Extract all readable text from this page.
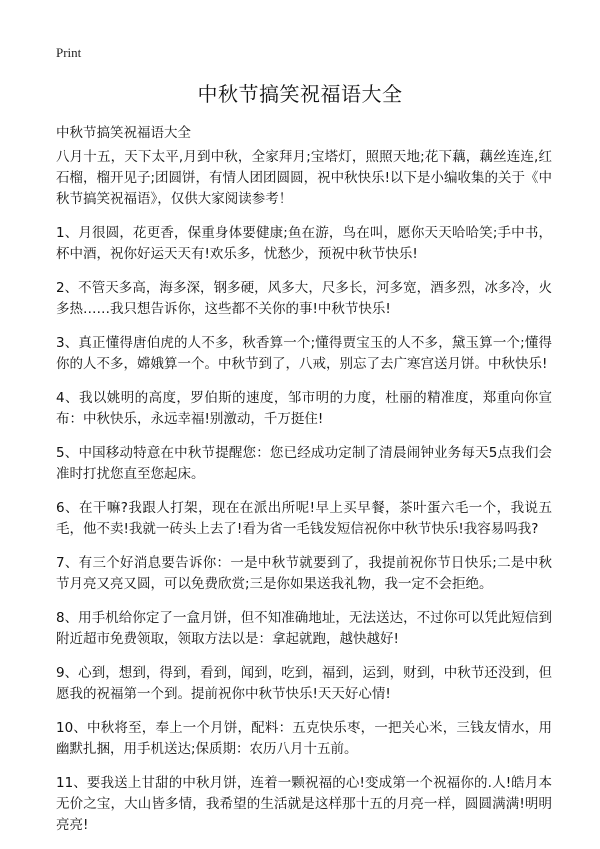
Print
中秋节搞笑祝福语大全

中秋节搞笑祝福语大全

八月十五，天下太平,月到中秋，全家拜月;宝塔灯，照照天地;花下藕，藕丝连连,红石榴，榴开见子;团圆饼，有情人团团圆圆，祝中秋快乐!以下是小编收集的关于《中秋节搞笑祝福语》，仅供大家阅读参考！

1、月很圆，花更香，保重身体要健康;鱼在游，鸟在叫，愿你天天哈哈笑;手中书，杯中酒，祝你好运天天有!欢乐多，忧愁少，预祝中秋节快乐!

2、不管天多高，海多深，钢多硬，风多大，尺多长，河多宽，酒多烈，冰多冷，火多热……我只想告诉你，这些都不关你的事!中秋节快乐!

3、真正懂得唐伯虎的人不多，秋香算一个;懂得贾宝玉的人不多，黛玉算一个;懂得你的人不多，嫦娥算一个。中秋节到了，八戒，别忘了去广寒宫送月饼。中秋快乐!

4、我以姚明的高度，罗伯斯的速度，邹市明的力度，杜丽的精准度，郑重向你宣布：中秋快乐，永远幸福!别激动，千万挺住!

5、中国移动特意在中秋节提醒您：您已经成功定制了清晨闹钟业务每天5点我们会准时打扰您直至您起床。

6、在干嘛?我跟人打架，现在在派出所呢!早上买早餐，茶叶蛋六毛一个，我说五毛，他不卖!我就一砖头上去了!看为省一毛钱发短信祝你中秋节快乐!我容易吗我?

7、有三个好消息要告诉你：一是中秋节就要到了，我提前祝你节日快乐;二是中秋节月亮又亮又圆，可以免费欣赏;三是你如果送我礼物，我一定不会拒绝。

8、用手机给你定了一盒月饼，但不知准确地址，无法送达，不过你可以凭此短信到附近超市免费领取，领取方法以是：拿起就跑，越快越好!

9、心到，想到，得到，看到，闻到，吃到，福到，运到，财到，中秋节还没到，但愿我的祝福第一个到。提前祝你中秋节快乐!天天好心情!

10、中秋将至，奉上一个月饼，配料：五克快乐枣，一把关心米，三钱友情水，用幽默扎捆，用手机送达;保质期：农历八月十五前。

11、要我送上甘甜的中秋月饼，连着一颗祝福的心!变成第一个祝福你的.人!皓月本无价之宝，大山皆多情，我希望的生活就是这样那十五的月亮一样，圆圆满满!明明亮亮!
